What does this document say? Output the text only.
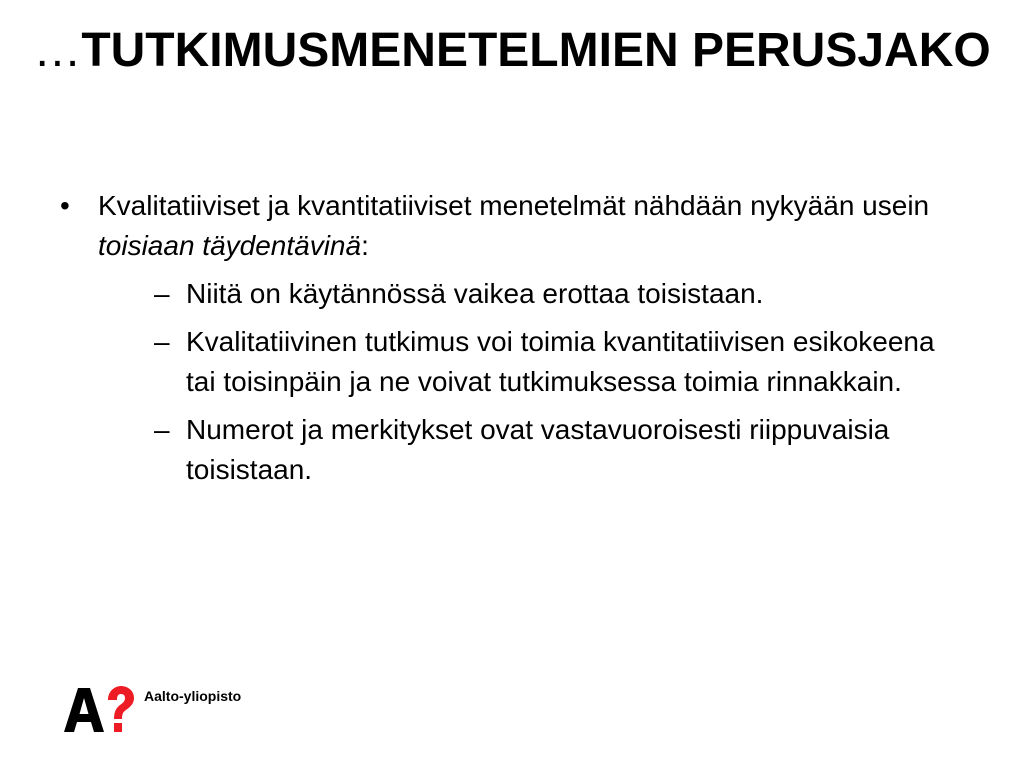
…TUTKIMUSMENETELMIEN PERUSJAKO
• Kvalitatiiviset ja kvantitatiiviset menetelmät nähdään nykyään usein toisiaan täydentävinä:
– Niitä on käytännössä vaikea erottaa toisistaan.
– Kvalitatiivinen tutkimus voi toimia kvantitatiivisen esikokeena tai toisinpäin ja ne voivat tutkimuksessa toimia rinnakkain.
– Numerot ja merkitykset ovat vastavuoroisesti riippuvaisia toisistaan.
Aalto-yliopisto
